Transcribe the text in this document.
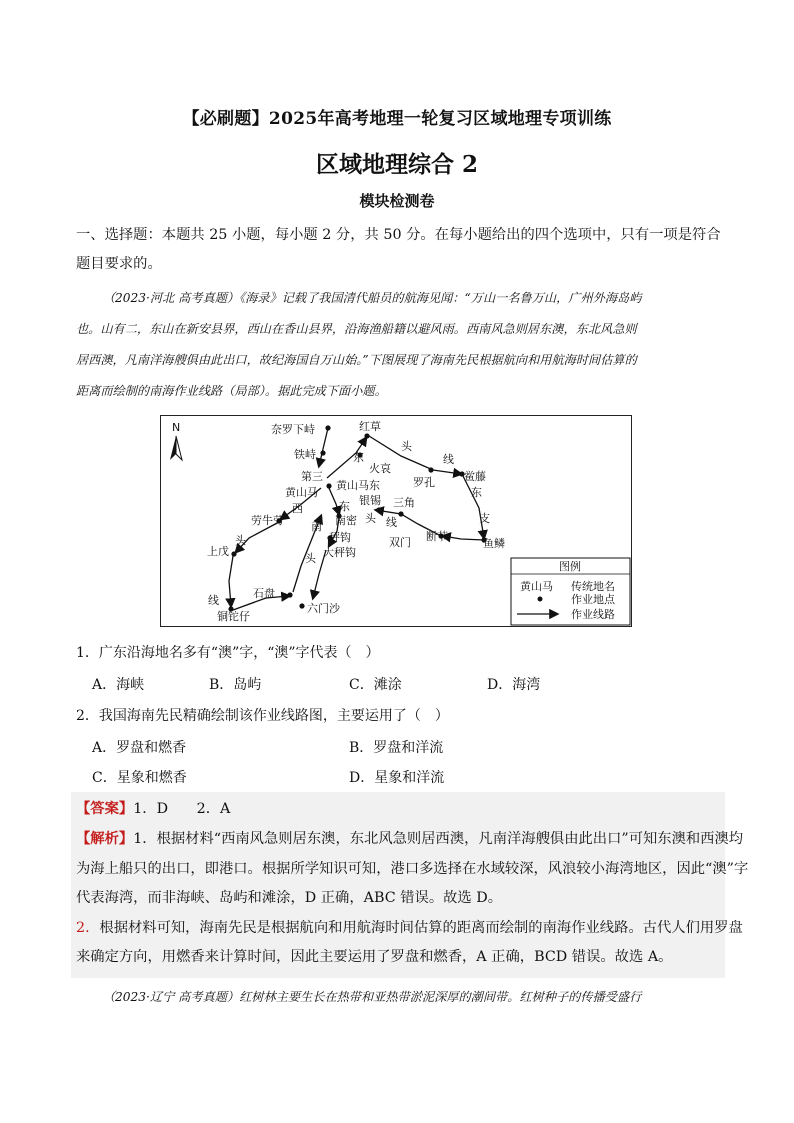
【必刷题】2025年高考地理一轮复习区域地理专项训练
区域地理综合 2
模块检测卷
一、选择题：本题共 25 小题，每小题 2 分，共 50 分。在每小题给出的四个选项中，只有一项是符合
题目要求的。
（2023·河北 高考真题）《海录》记载了我国清代船员的航海见闻：“万山一名鲁万山，广州外海岛屿
也。山有二，东山在新安县界，西山在香山县界，沿海渔船籍以避风雨。西南风急则居东澳，东北风急则
居西澳，凡南洋海艘俱由此出口，故纪海国自万山始。”下图展现了海南先民根据航向和用航海时间估算的
距离而绘制的南海作业线路（局部）。据此完成下面小题。
N	奈罗下峙
铁峙
红草
第三
火哀
罗孔	鲎藤
黄山马
黄山马东
银锡 三角
劳牛劳	南密
双门 断节
鱼鳞
上戊
秤钩
大秤钩
石盘
铜铊仔
六门沙
头
线
东
东
支
西
南
东
头 线
头
线
头
图例
黄山马 传统地名
作业地点
作业线路
1．广东沿海地名多有“澳”字，“澳”字代表（　）
A．海峡	B．岛屿	C．滩涂	D．海湾
2．我国海南先民精确绘制该作业线路图，主要运用了（　）
A．罗盘和燃香	B．罗盘和洋流
C．星象和燃香	D．星象和洋流
【答案】1．D　　2．A
【解析】1．根据材料“西南风急则居东澳，东北风急则居西澳，凡南洋海艘俱由此出口”可知东澳和西澳均
为海上船只的出口，即港口。根据所学知识可知，港口多选择在水域较深，风浪较小海湾地区，因此“澳”字
代表海湾，而非海峡、岛屿和滩涂，D 正确，ABC 错误。故选 D。
2．根据材料可知，海南先民是根据航向和用航海时间估算的距离而绘制的南海作业线路。古代人们用罗盘
来确定方向，用燃香来计算时间，因此主要运用了罗盘和燃香，A 正确，BCD 错误。故选 A。
（2023·辽宁 高考真题）红树林主要生长在热带和亚热带淤泥深厚的潮间带。红树种子的传播受盛行
